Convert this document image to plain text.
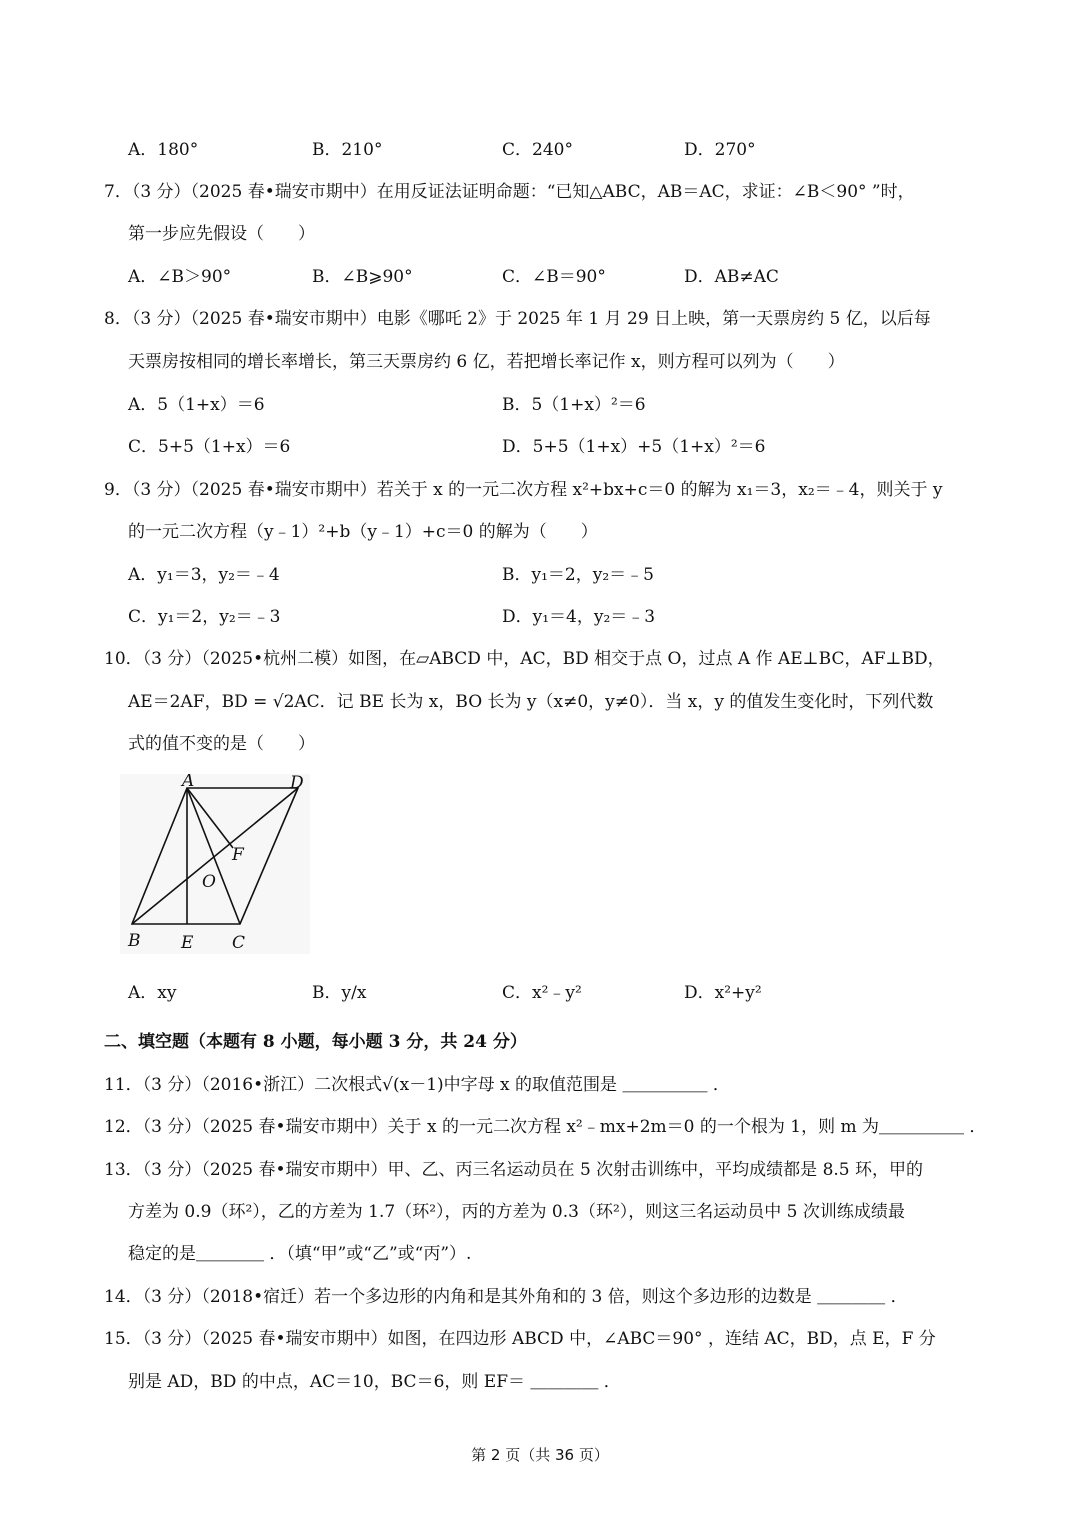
A．180°	B．210°	C．240°	D．270°
7．（3 分）（2025 春•瑞安市期中）在用反证法证明命题：“已知△ABC，AB＝AC，求证：∠B＜90° ”时，
第一步应先假设（　　）
A．∠B＞90°	B．∠B⩾90°	C．∠B＝90°	D．AB≠AC
8．（3 分）（2025 春•瑞安市期中）电影《哪吒 2》于 2025 年 1 月 29 日上映，第一天票房约 5 亿，以后每
天票房按相同的增长率增长，第三天票房约 6 亿，若把增长率记作 x，则方程可以列为（　　）
A．5（1+x）＝6	B．5（1+x）²＝6
C．5+5（1+x）＝6	D．5+5（1+x）+5（1+x）²＝6
9．（3 分）（2025 春•瑞安市期中）若关于 x 的一元二次方程 x²+bx+c＝0 的解为 x₁＝3，x₂＝﹣4，则关于 y
的一元二次方程（y﹣1）²+b（y﹣1）+c＝0 的解为（　　）
A．y₁＝3，y₂＝﹣4	B．y₁＝2，y₂＝﹣5
C．y₁＝2，y₂＝﹣3	D．y₁＝4，y₂＝﹣3
10．（3 分）（2025•杭州二模）如图，在▱ABCD 中，AC，BD 相交于点 O，过点 A 作 AE⊥BC，AF⊥BD，
AE＝2AF，BD = √2AC．记 BE 长为 x，BO 长为 y（x≠0，y≠0）．当 x，y 的值发生变化时，下列代数
式的值不变的是（　　）
A	D
F
O
B E C
A．xy	B．y/x	C．x²﹣y²	D．x²+y²
二、填空题（本题有 8 小题，每小题 3 分，共 24 分）
11．（3 分）（2016•浙江）二次根式√(x－1)中字母 x 的取值范围是 ＿＿＿＿＿ ．
12．（3 分）（2025 春•瑞安市期中）关于 x 的一元二次方程 x²﹣mx+2m＝0 的一个根为 1，则 m 为＿＿＿＿＿ ．
13．（3 分）（2025 春•瑞安市期中）甲、乙、丙三名运动员在 5 次射击训练中，平均成绩都是 8.5 环，甲的
方差为 0.9（环²），乙的方差为 1.7（环²），丙的方差为 0.3（环²），则这三名运动员中 5 次训练成绩最
稳定的是＿＿＿＿ ．（填“甲”或“乙”或“丙”）.
14．（3 分）（2018•宿迁）若一个多边形的内角和是其外角和的 3 倍，则这个多边形的边数是 ＿＿＿＿ ．
15．（3 分）（2025 春•瑞安市期中）如图，在四边形 ABCD 中，∠ABC＝90° ，连结 AC，BD，点 E，F 分
别是 AD，BD 的中点，AC＝10，BC＝6，则 EF＝ ＿＿＿＿ ．
第 2 页（共 36 页）
